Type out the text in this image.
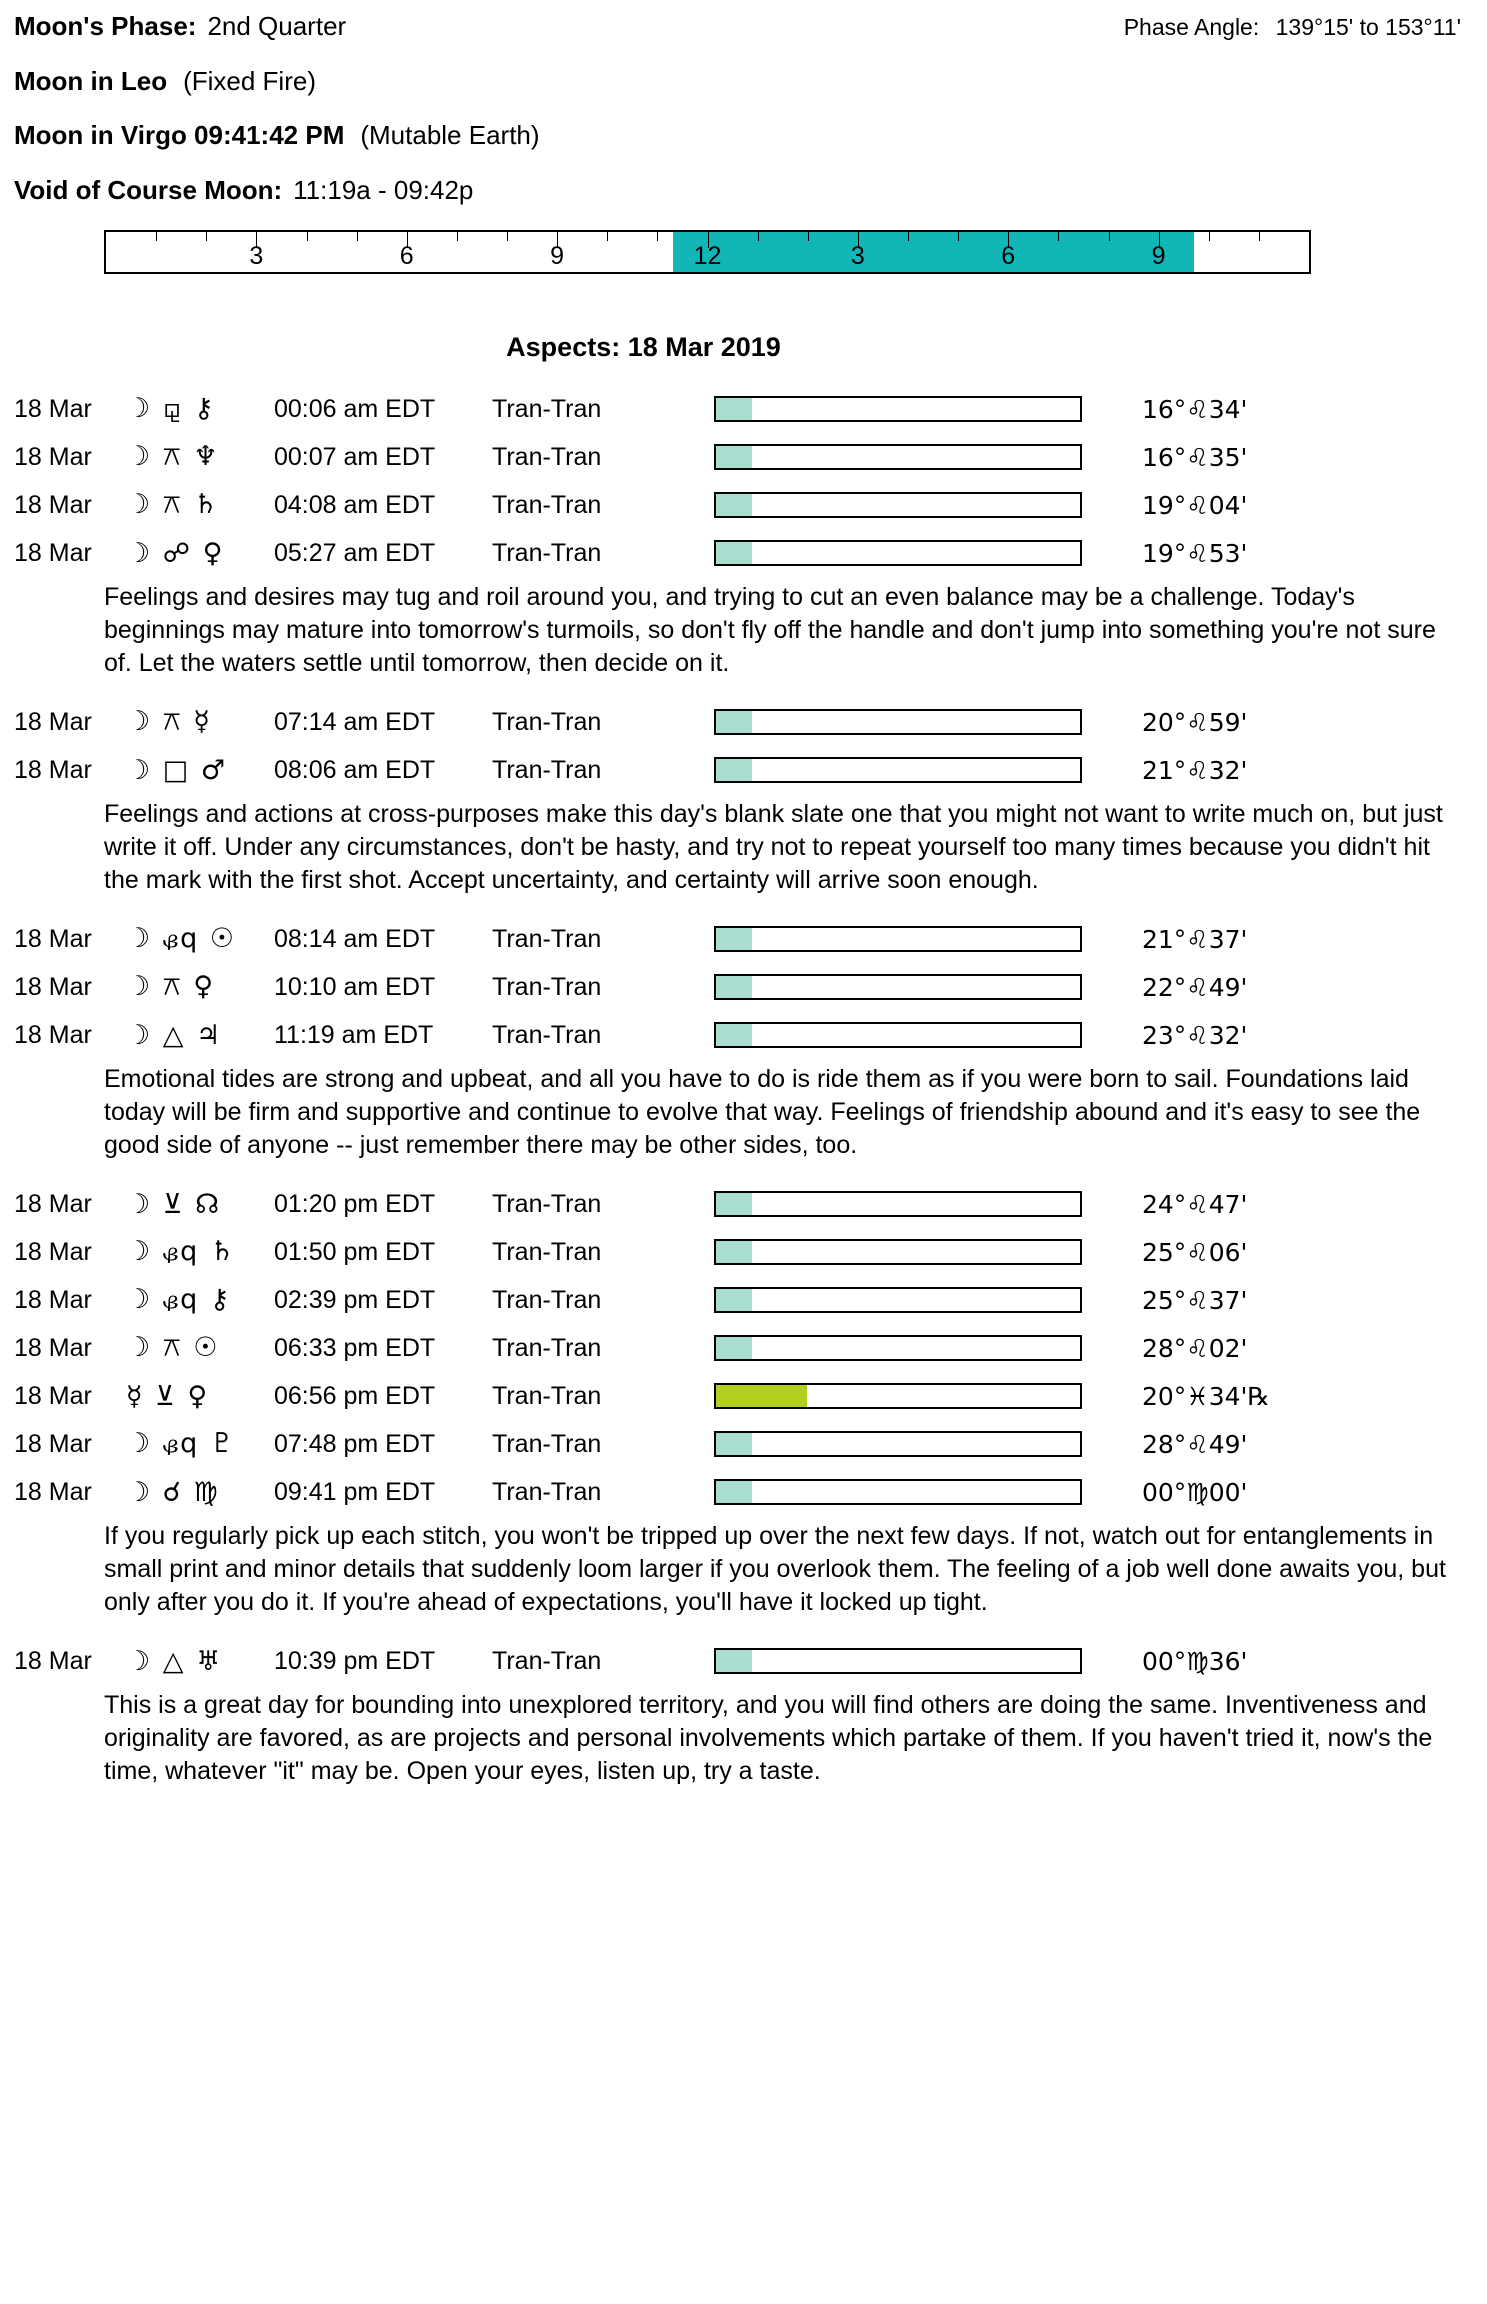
Moon's Phase: 2nd Quarter	Phase Angle: 139°15' to 153°11'
Moon in Leo (Fixed Fire)
Moon in Virgo 09:41:42 PM (Mutable Earth)
Void of Course Moon: 11:19a - 09:42p
3	6	9	12	3	6	9
Aspects: 18 Mar 2019
18 Mar	☽ ⚼ ⚷	00:06 am EDT	Tran-Tran	16°♌34'
18 Mar	☽ ⚻ ♆	00:07 am EDT	Tran-Tran	16°♌35'
18 Mar	☽ ⚻ ♄	04:08 am EDT	Tran-Tran	19°♌04'
18 Mar	☽ ☍ ♀	05:27 am EDT	Tran-Tran	19°♌53'
Feelings and desires may tug and roil around you, and trying to cut an even balance may be a challenge. Today's beginnings may mature into tomorrow's turmoils, so don't fly off the handle and don't jump into something you're not sure of. Let the waters settle until tomorrow, then decide on it.
18 Mar	☽ ⚻ ☿	07:14 am EDT	Tran-Tran	20°♌59'
18 Mar	☽ □ ♂	08:06 am EDT	Tran-Tran	21°♌32'
Feelings and actions at cross-purposes make this day's blank slate one that you might not want to write much on, but just write it off. Under any circumstances, don't be hasty, and try not to repeat yourself too many times because you didn't hit the mark with the first shot. Accept uncertainty, and certainty will arrive soon enough.
18 Mar	☽ ᏸq ☉	08:14 am EDT	Tran-Tran	21°♌37'
18 Mar	☽ ⚻ ♀	10:10 am EDT	Tran-Tran	22°♌49'
18 Mar	☽ △ ♃	11:19 am EDT	Tran-Tran	23°♌32'
Emotional tides are strong and upbeat, and all you have to do is ride them as if you were born to sail. Foundations laid today will be firm and supportive and continue to evolve that way. Feelings of friendship abound and it's easy to see the good side of anyone -- just remember there may be other sides, too.
18 Mar	☽ ⊻ ☊	01:20 pm EDT	Tran-Tran	24°♌47'
18 Mar	☽ ᏸq ♄	01:50 pm EDT	Tran-Tran	25°♌06'
18 Mar	☽ ᏸq ⚷	02:39 pm EDT	Tran-Tran	25°♌37'
18 Mar	☽ ⚻ ☉	06:33 pm EDT	Tran-Tran	28°♌02'
18 Mar	☿ ⊻ ♀	06:56 pm EDT	Tran-Tran	20°♓34'℞
18 Mar	☽ ᏸq ♇	07:48 pm EDT	Tran-Tran	28°♌49'
18 Mar	☽ ☌ ♍	09:41 pm EDT	Tran-Tran	00°♍00'
If you regularly pick up each stitch, you won't be tripped up over the next few days. If not, watch out for entanglements in small print and minor details that suddenly loom larger if you overlook them. The feeling of a job well done awaits you, but only after you do it. If you're ahead of expectations, you'll have it locked up tight.
18 Mar	☽ △ ♅	10:39 pm EDT	Tran-Tran	00°♍36'
This is a great day for bounding into unexplored territory, and you will find others are doing the same. Inventiveness and originality are favored, as are projects and personal involvements which partake of them. If you haven't tried it, now's the time, whatever "it" may be. Open your eyes, listen up, try a taste.
